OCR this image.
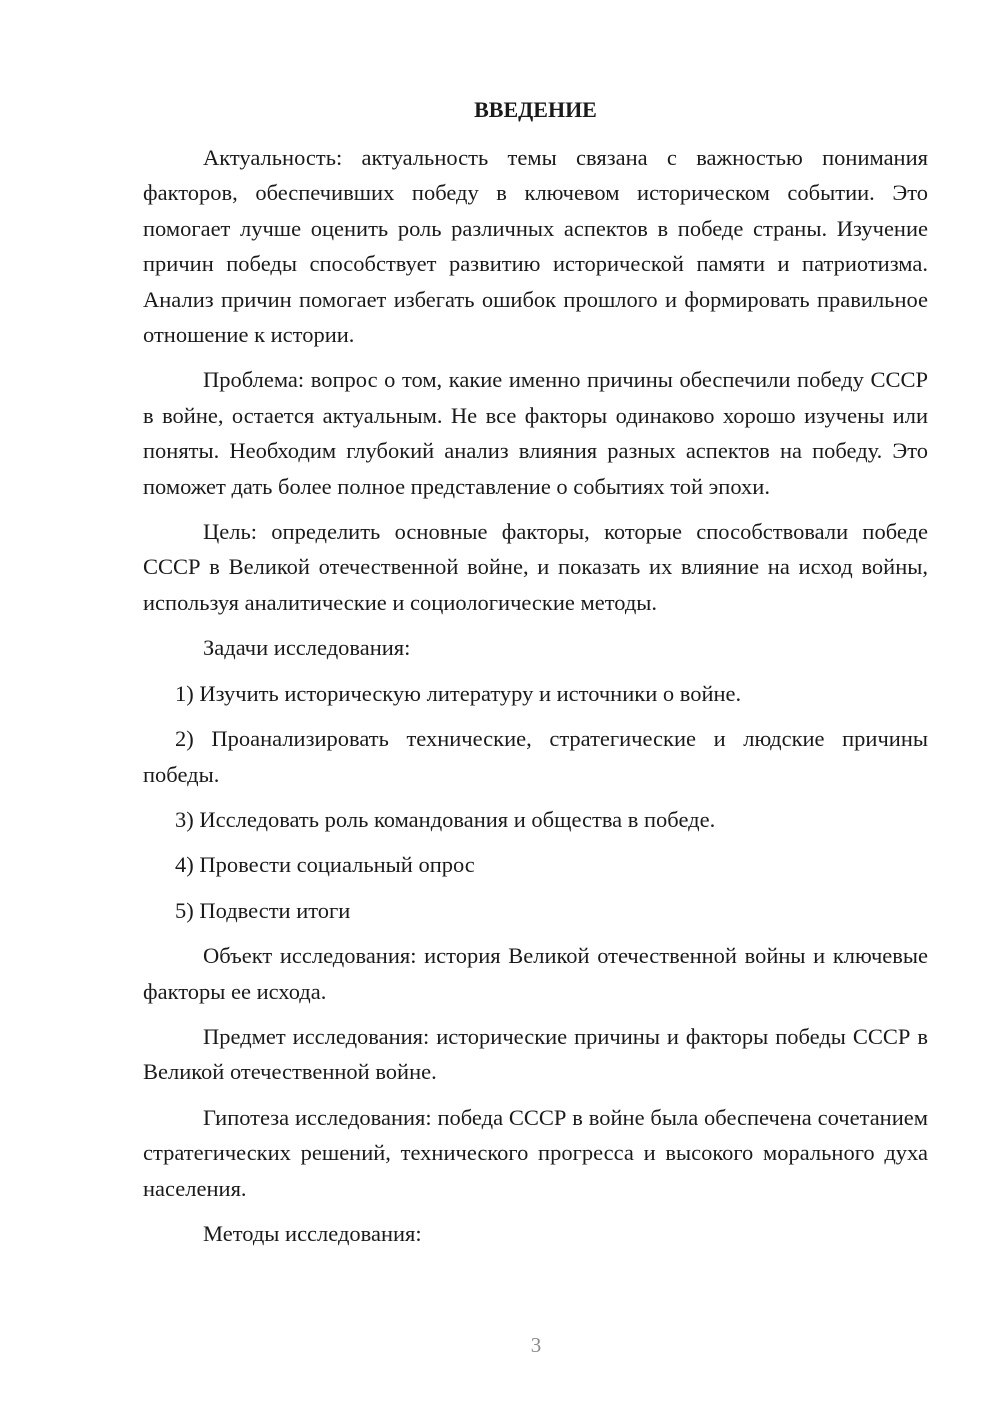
ВВЕДЕНИЕ

Актуальность: актуальность темы связана с важностью понимания факторов, обеспечивших победу в ключевом историческом событии. Это помогает лучше оценить роль различных аспектов в победе страны. Изучение причин победы способствует развитию исторической памяти и патриотизма. Анализ причин помогает избегать ошибок прошлого и формировать правильное отношение к истории.

Проблема: вопрос о том, какие именно причины обеспечили победу СССР в войне, остается актуальным. Не все факторы одинаково хорошо изучены или поняты. Необходим глубокий анализ влияния разных аспектов на победу. Это поможет дать более полное представление о событиях той эпохи.

Цель: определить основные факторы, которые способствовали победе СССР в Великой отечественной войне, и показать их влияние на исход войны, используя аналитические и социологические методы.

Задачи исследования:

1) Изучить историческую литературу и источники о войне.

2) Проанализировать технические, стратегические и людские причины победы.

3) Исследовать роль командования и общества в победе.

4) Провести социальный опрос

5) Подвести итоги

Объект исследования: история Великой отечественной войны и ключевые факторы ее исхода.

Предмет исследования: исторические причины и факторы победы СССР в Великой отечественной войне.

Гипотеза исследования: победа СССР в войне была обеспечена сочетанием стратегических решений, технического прогресса и высокого морального духа населения.

Методы исследования:

3
